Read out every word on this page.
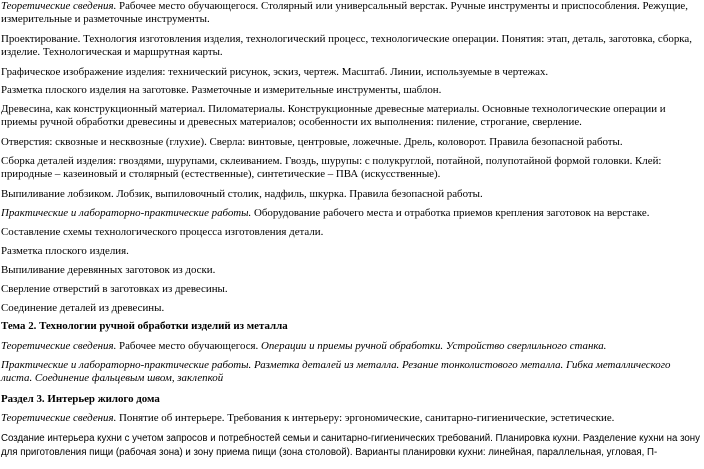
Теоретические сведения. Рабочее место обучающегося. Столярный или универсальный верстак. Ручные инструменты и приспособления. Режущие, измерительные и разметочные инструменты.

Проектирование. Технология изготовления изделия, технологический процесс, технологические операции. Понятия: этап, деталь, заготовка, сборка, изделие. Технологическая и маршрутная карты.

Графическое изображение изделия: технический рисунок, эскиз, чертеж. Масштаб. Линии, используемые в чертежах.

Разметка плоского изделия на заготовке. Разметочные и измерительные инструменты, шаблон.

Древесина, как конструкционный материал. Пиломатериалы. Конструкционные древесные материалы. Основные технологические операции и приемы ручной обработки древесины и древесных материалов; особенности их выполнения: пиление, строгание, сверление.

Отверстия: сквозные и несквозные (глухие). Сверла: винтовые, центровые, ложечные. Дрель, коловорот. Правила безопасной работы.

Сборка деталей изделия: гвоздями, шурупами, склеиванием. Гвоздь, шурупы: с полукруглой, потайной, полупотайной формой головки. Клей: природные – казеиновый и столярный (естественные), синтетические – ПВА (искусственные).

Выпиливание лобзиком. Лобзик, выпиловочный столик, надфиль, шкурка. Правила безопасной работы.

Практические и лабораторно-практические работы. Оборудование рабочего места и отработка приемов крепления заготовок на верстаке.

Составление схемы технологического процесса изготовления детали.

Разметка плоского изделия.

Выпиливание деревянных заготовок из доски.

Сверление отверстий в заготовках из древесины.

Соединение деталей из древесины.

Тема 2. Технологии ручной обработки изделий из металла

Теоретические сведения. Рабочее место обучающегося. Операции и приемы ручной обработки. Устройство сверлильного станка.

Практические и лабораторно-практические работы. Разметка деталей из металла. Резание тонколистового металла. Гибка металлического листа. Соединение фальцевым швом, заклепкой

Раздел 3. Интерьер жилого дома

Теоретические сведения. Понятие об интерьере. Требования к интерьеру: эргономические, санитарно-гигиенические, эстетические.

Создание интерьера кухни с учетом запросов и потребностей семьи и санитарно-гигиенических требований. Планировка кухни. Разделение кухни на зону для приготовления пищи (рабочая зона) и зону приема пищи (зона столовой). Варианты планировки кухни: линейная, параллельная, угловая, П-
